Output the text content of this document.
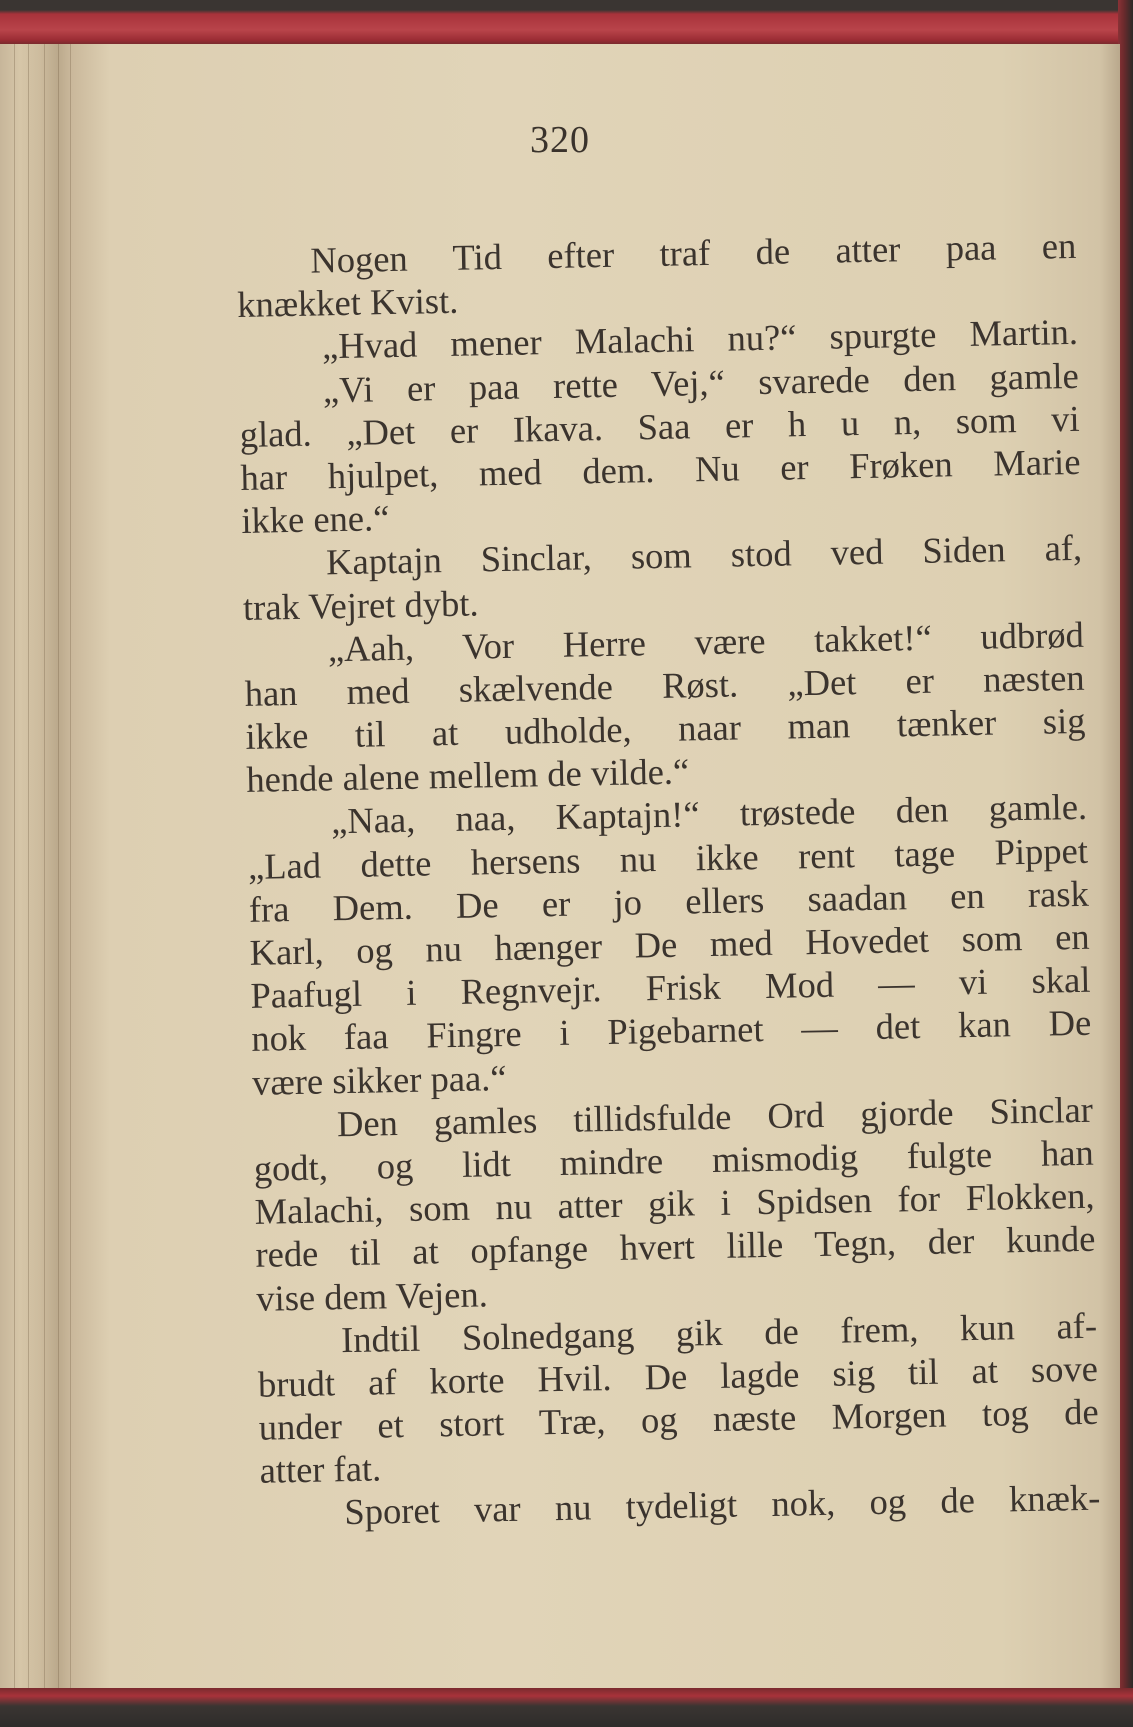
320
Nogen Tid efter traf de atter paa en
knækket Kvist.
„Hvad mener Malachi nu?“ spurgte Martin.
„Vi er paa rette Vej,“ svarede den gamle
glad. „Det er Ikava. Saa er h u n, som vi
har hjulpet, med dem. Nu er Frøken Marie
ikke ene.“
Kaptajn Sinclar, som stod ved Siden af,
trak Vejret dybt.
„Aah, Vor Herre være takket!“ udbrød
han med skælvende Røst. „Det er næsten
ikke til at udholde, naar man tænker sig
hende alene mellem de vilde.“
„Naa, naa, Kaptajn!“ trøstede den gamle.
„Lad dette hersens nu ikke rent tage Pippet
fra Dem. De er jo ellers saadan en rask
Karl, og nu hænger De med Hovedet som en
Paafugl i Regnvejr. Frisk Mod — vi skal
nok faa Fingre i Pigebarnet — det kan De
være sikker paa.“
Den gamles tillidsfulde Ord gjorde Sinclar
godt, og lidt mindre mismodig fulgte han
Malachi, som nu atter gik i Spidsen for Flokken,
rede til at opfange hvert lille Tegn, der kunde
vise dem Vejen.
Indtil Solnedgang gik de frem, kun af-
brudt af korte Hvil. De lagde sig til at sove
under et stort Træ, og næste Morgen tog de
atter fat.
Sporet var nu tydeligt nok, og de knæk-
